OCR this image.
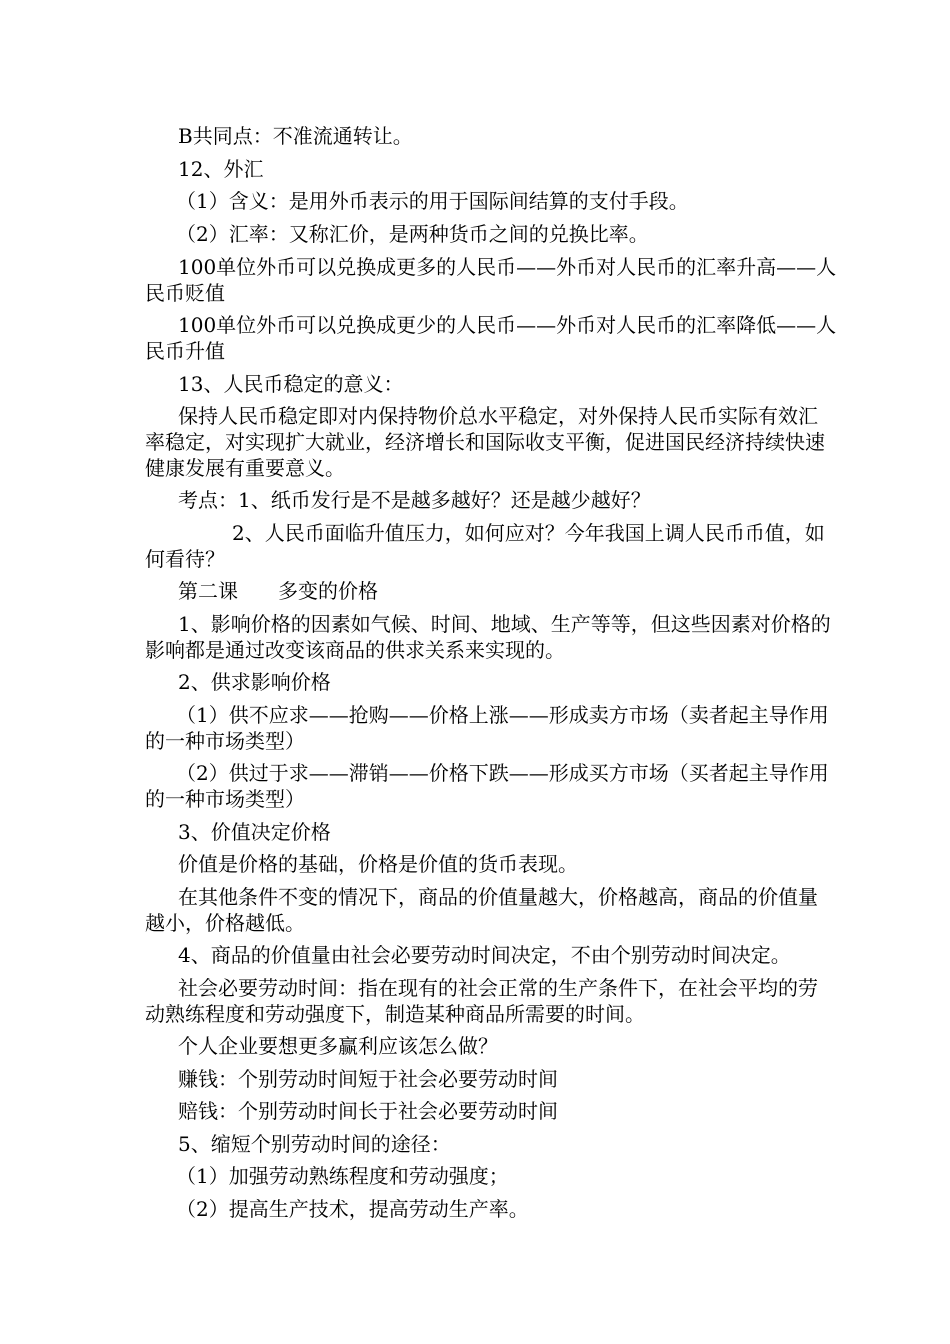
B共同点：不准流通转让。
12、外汇
（1）含义：是用外币表示的用于国际间结算的支付手段。
（2）汇率：又称汇价，是两种货币之间的兑换比率。
100单位外币可以兑换成更多的人民币——外币对人民币的汇率升高——人
民币贬值
100单位外币可以兑换成更少的人民币——外币对人民币的汇率降低——人
民币升值
13、人民币稳定的意义：
保持人民币稳定即对内保持物价总水平稳定，对外保持人民币实际有效汇
率稳定，对实现扩大就业，经济增长和国际收支平衡，促进国民经济持续快速
健康发展有重要意义。
考点：1、纸币发行是不是越多越好？还是越少越好？
2、人民币面临升值压力，如何应对？今年我国上调人民币币值，如
何看待？
第二课　　多变的价格
1、影响价格的因素如气候、时间、地域、生产等等，但这些因素对价格的
影响都是通过改变该商品的供求关系来实现的。
2、供求影响价格
（1）供不应求——抢购——价格上涨——形成卖方市场（卖者起主导作用
的一种市场类型）
（2）供过于求——滞销——价格下跌——形成买方市场（买者起主导作用
的一种市场类型）
3、价值决定价格
价值是价格的基础，价格是价值的货币表现。
在其他条件不变的情况下，商品的价值量越大，价格越高，商品的价值量
越小，价格越低。
4、商品的价值量由社会必要劳动时间决定，不由个别劳动时间决定。
社会必要劳动时间：指在现有的社会正常的生产条件下，在社会平均的劳
动熟练程度和劳动强度下，制造某种商品所需要的时间。
个人企业要想更多赢利应该怎么做？
赚钱：个别劳动时间短于社会必要劳动时间
赔钱：个别劳动时间长于社会必要劳动时间
5、缩短个别劳动时间的途径：
（1）加强劳动熟练程度和劳动强度；
（2）提高生产技术，提高劳动生产率。
